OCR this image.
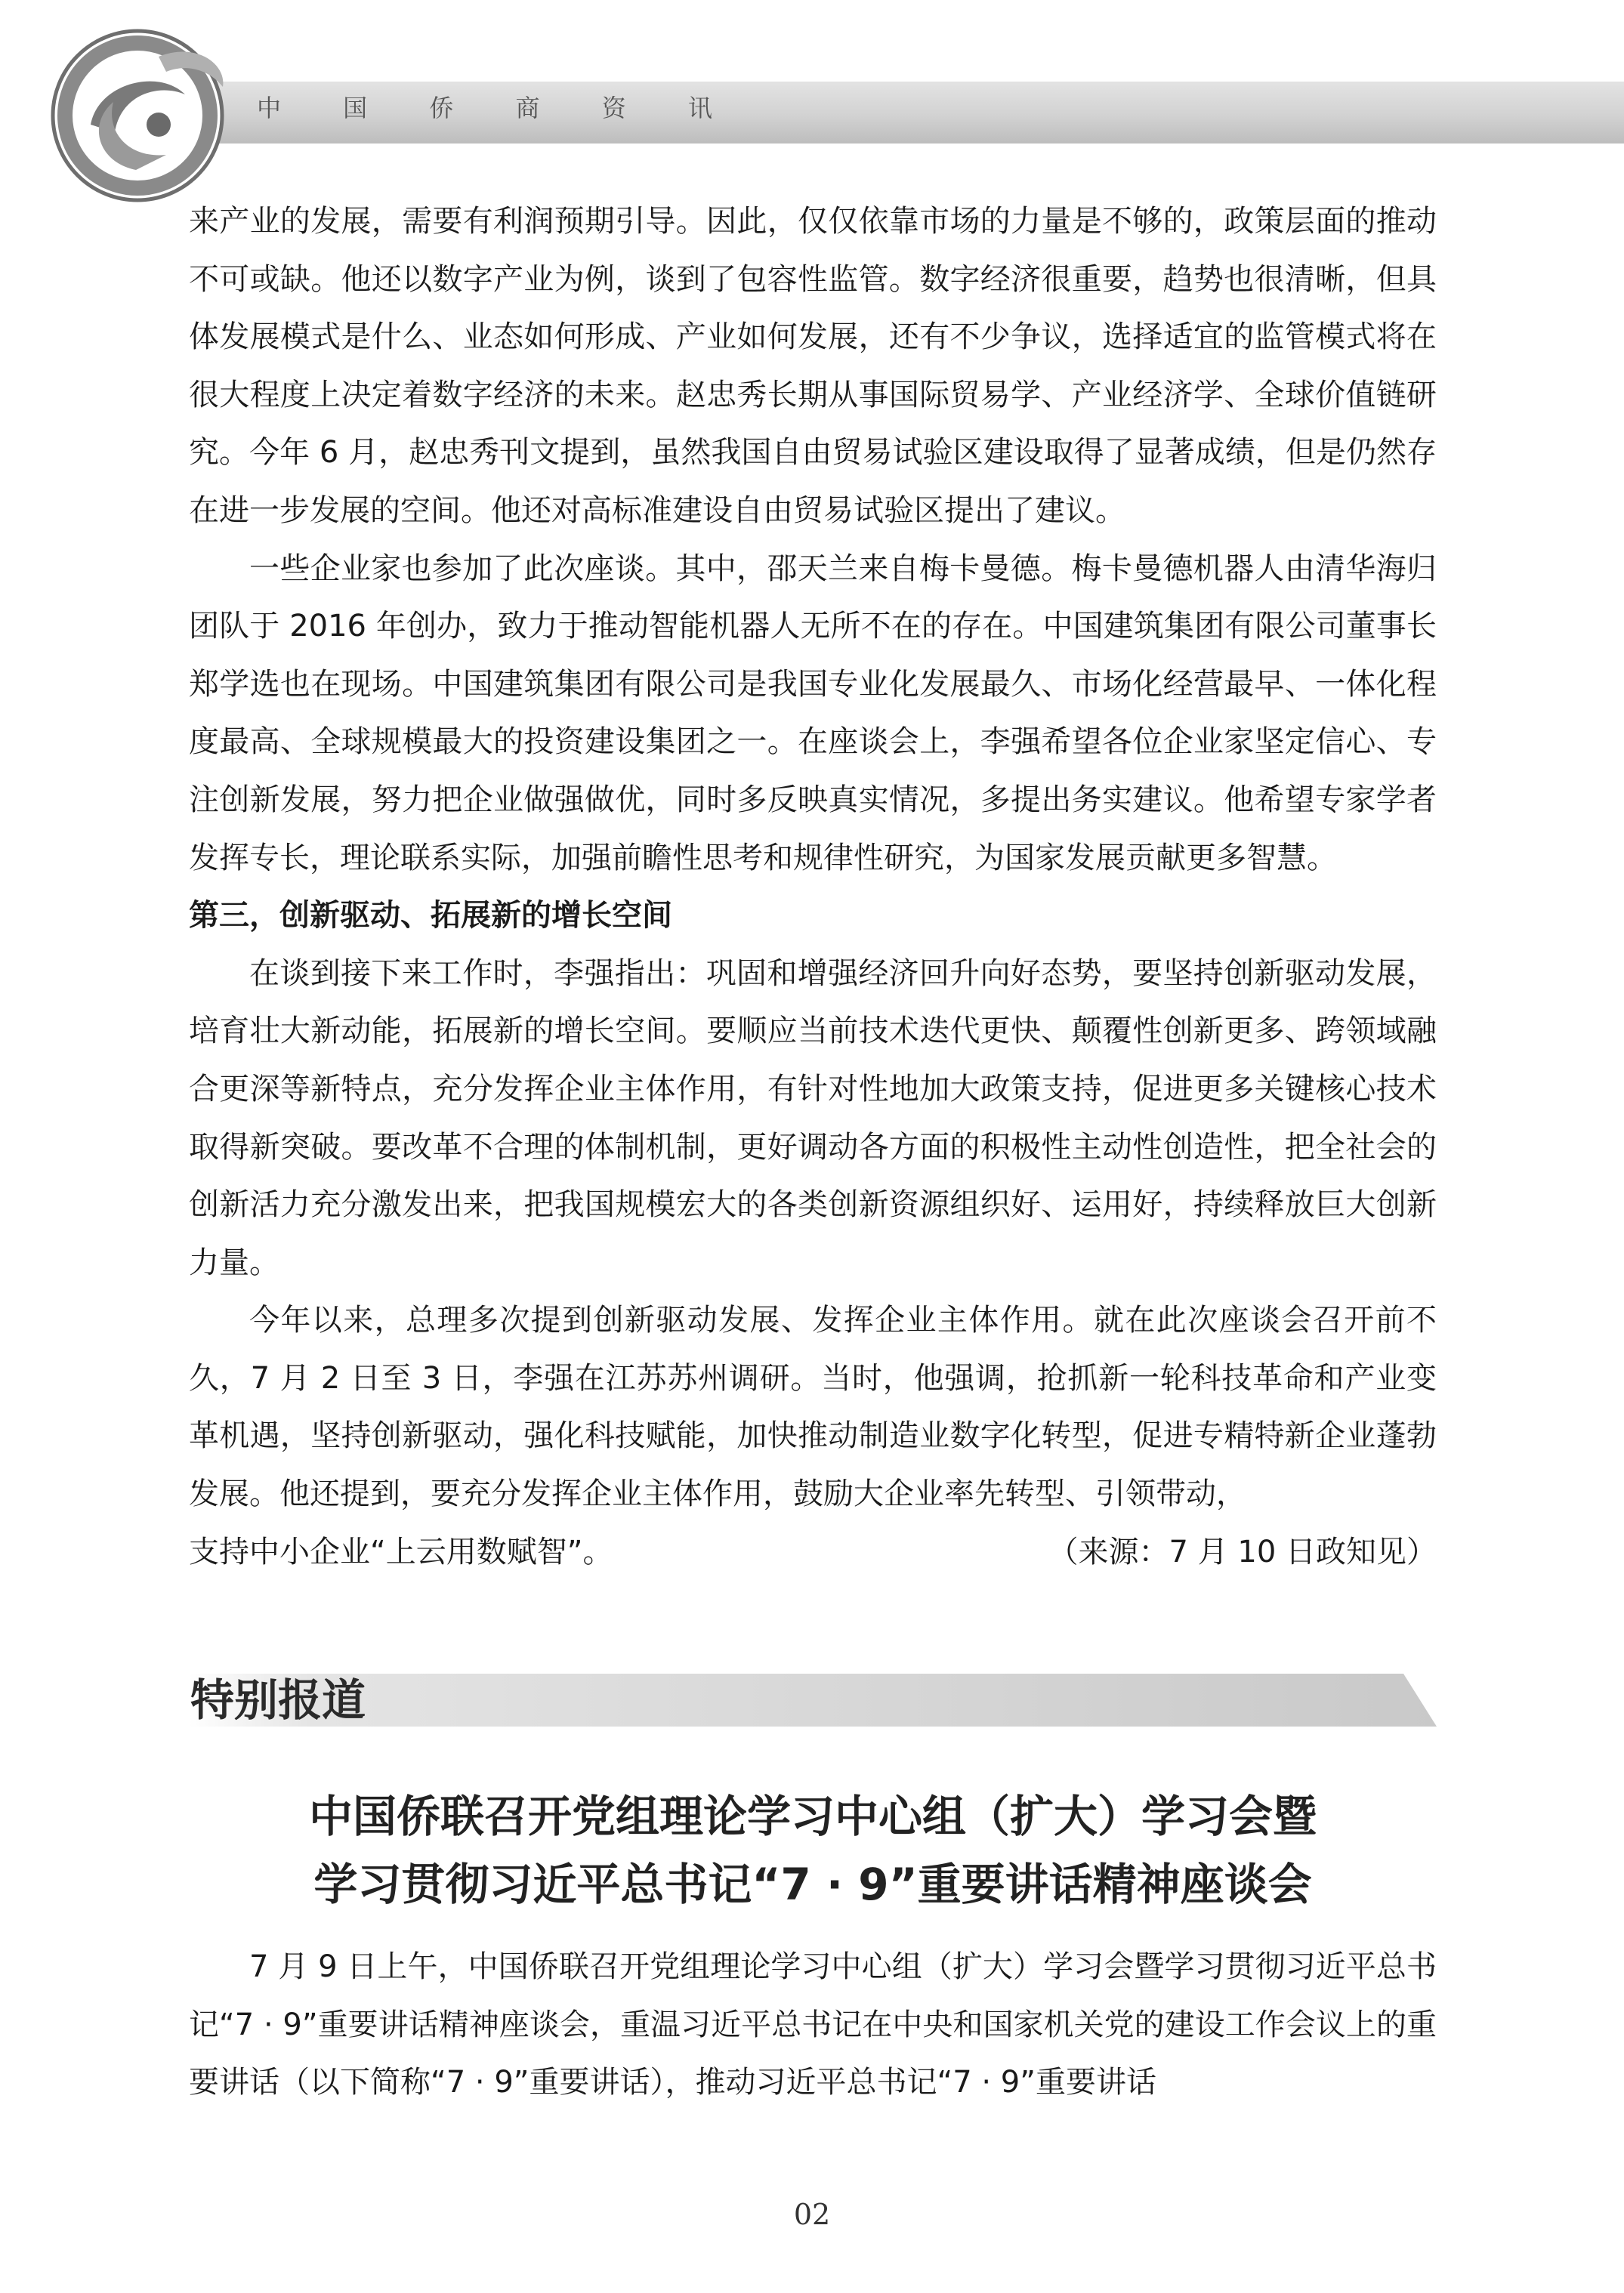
中 国 侨 商 资 讯

来产业的发展，需要有利润预期引导。因此，仅仅依靠市场的力量是不够的，政策层面的推动不可或缺。他还以数字产业为例，谈到了包容性监管。数字经济很重要，趋势也很清晰，但具体发展模式是什么、业态如何形成、产业如何发展，还有不少争议，选择适宜的监管模式将在很大程度上决定着数字经济的未来。赵忠秀长期从事国际贸易学、产业经济学、全球价值链研究。今年 6 月，赵忠秀刊文提到，虽然我国自由贸易试验区建设取得了显著成绩，但是仍然存在进一步发展的空间。他还对高标准建设自由贸易试验区提出了建议。

一些企业家也参加了此次座谈。其中，邵天兰来自梅卡曼德。梅卡曼德机器人由清华海归团队于 2016 年创办，致力于推动智能机器人无所不在的存在。中国建筑集团有限公司董事长郑学选也在现场。中国建筑集团有限公司是我国专业化发展最久、市场化经营最早、一体化程度最高、全球规模最大的投资建设集团之一。在座谈会上，李强希望各位企业家坚定信心、专注创新发展，努力把企业做强做优，同时多反映真实情况，多提出务实建议。他希望专家学者发挥专长，理论联系实际，加强前瞻性思考和规律性研究，为国家发展贡献更多智慧。

第三，创新驱动、拓展新的增长空间

在谈到接下来工作时，李强指出：巩固和增强经济回升向好态势，要坚持创新驱动发展，培育壮大新动能，拓展新的增长空间。要顺应当前技术迭代更快、颠覆性创新更多、跨领域融合更深等新特点，充分发挥企业主体作用，有针对性地加大政策支持，促进更多关键核心技术取得新突破。要改革不合理的体制机制，更好调动各方面的积极性主动性创造性，把全社会的创新活力充分激发出来，把我国规模宏大的各类创新资源组织好、运用好，持续释放巨大创新力量。

今年以来，总理多次提到创新驱动发展、发挥企业主体作用。就在此次座谈会召开前不久，7 月 2 日至 3 日，李强在江苏苏州调研。当时，他强调，抢抓新一轮科技革命和产业变革机遇，坚持创新驱动，强化科技赋能，加快推动制造业数字化转型，促进专精特新企业蓬勃发展。他还提到，要充分发挥企业主体作用，鼓励大企业率先转型、引领带动，

支持中小企业“上云用数赋智”。	（来源：7 月 10 日政知见）
特别报道
中国侨联召开党组理论学习中心组（扩大）学习会暨
学习贯彻习近平总书记“7 · 9”重要讲话精神座谈会

7 月 9 日上午，中国侨联召开党组理论学习中心组（扩大）学习会暨学习贯彻习近平总书记“7 · 9”重要讲话精神座谈会，重温习近平总书记在中央和国家机关党的建设工作会议上的重要讲话（以下简称“7 · 9”重要讲话），推动习近平总书记“7 · 9”重要讲话

02
